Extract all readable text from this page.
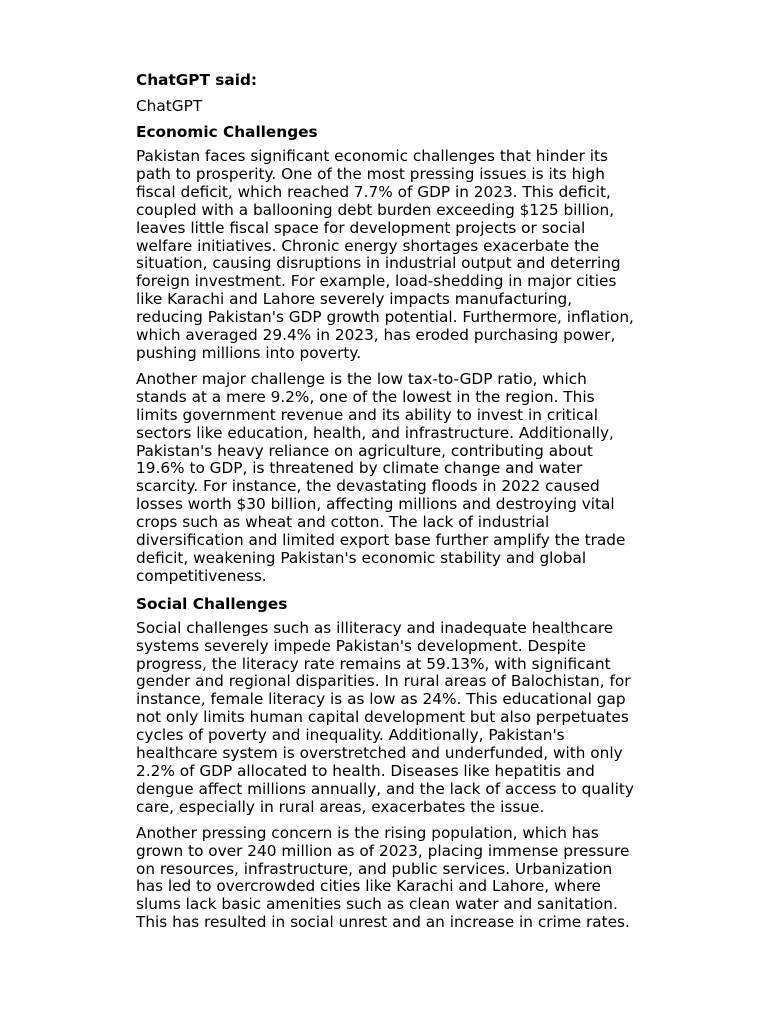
ChatGPT said:
ChatGPT
Economic Challenges
Pakistan faces significant economic challenges that hinder its
path to prosperity. One of the most pressing issues is its high
fiscal deficit, which reached 7.7% of GDP in 2023. This deficit,
coupled with a ballooning debt burden exceeding $125 billion,
leaves little fiscal space for development projects or social
welfare initiatives. Chronic energy shortages exacerbate the
situation, causing disruptions in industrial output and deterring
foreign investment. For example, load-shedding in major cities
like Karachi and Lahore severely impacts manufacturing,
reducing Pakistan's GDP growth potential. Furthermore, inflation,
which averaged 29.4% in 2023, has eroded purchasing power,
pushing millions into poverty.
Another major challenge is the low tax-to-GDP ratio, which
stands at a mere 9.2%, one of the lowest in the region. This
limits government revenue and its ability to invest in critical
sectors like education, health, and infrastructure. Additionally,
Pakistan's heavy reliance on agriculture, contributing about
19.6% to GDP, is threatened by climate change and water
scarcity. For instance, the devastating floods in 2022 caused
losses worth $30 billion, affecting millions and destroying vital
crops such as wheat and cotton. The lack of industrial
diversification and limited export base further amplify the trade
deficit, weakening Pakistan's economic stability and global
competitiveness.
Social Challenges
Social challenges such as illiteracy and inadequate healthcare
systems severely impede Pakistan's development. Despite
progress, the literacy rate remains at 59.13%, with significant
gender and regional disparities. In rural areas of Balochistan, for
instance, female literacy is as low as 24%. This educational gap
not only limits human capital development but also perpetuates
cycles of poverty and inequality. Additionally, Pakistan's
healthcare system is overstretched and underfunded, with only
2.2% of GDP allocated to health. Diseases like hepatitis and
dengue affect millions annually, and the lack of access to quality
care, especially in rural areas, exacerbates the issue.
Another pressing concern is the rising population, which has
grown to over 240 million as of 2023, placing immense pressure
on resources, infrastructure, and public services. Urbanization
has led to overcrowded cities like Karachi and Lahore, where
slums lack basic amenities such as clean water and sanitation.
This has resulted in social unrest and an increase in crime rates.
